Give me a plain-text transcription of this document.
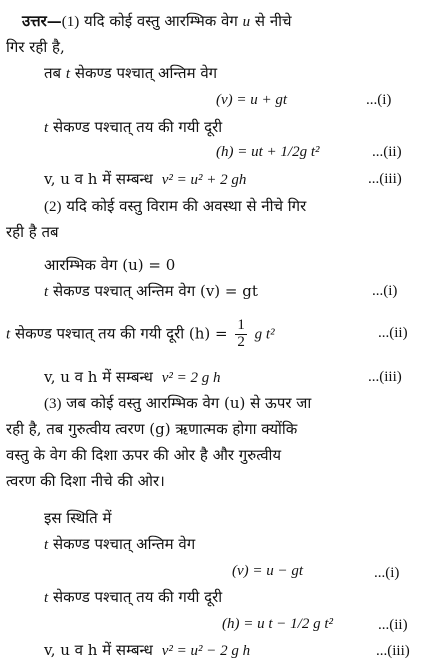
उत्तर—(1) यदि कोई वस्तु आरम्भिक वेग u से नीचे
गिर रही है,
तब t सेकण्ड पश्चात् अन्तिम वेग
(v) = u + gt	...(i)
t सेकण्ड पश्चात् तय की गयी दूरी
(h) = ut + 1/2g t²	...(ii)
v, u व h में सम्बन्ध v² = u² + 2 gh	...(iii)
(2) यदि कोई वस्तु विराम की अवस्था से नीचे गिर
रही है तब
आरम्भिक वेग (u) = 0
t सेकण्ड पश्चात् अन्तिम वेग (v) = gt	...(i)
t सेकण्ड पश्चात् तय की गयी दूरी $(h) = \frac{1}{2}$ g t²	...(ii)
v, u व h में सम्बन्ध v² = 2 g h	...(iii)
(3) जब कोई वस्तु आरम्भिक वेग (u) से ऊपर जा
रही है, तब गुरुत्वीय त्वरण (g) ऋणात्मक होगा क्योंकि
वस्तु के वेग की दिशा ऊपर की ओर है और गुरुत्वीय
त्वरण की दिशा नीचे की ओर।
इस स्थिति में
t सेकण्ड पश्चात् अन्तिम वेग
(v) = u − gt	...(i)
t सेकण्ड पश्चात् तय की गयी दूरी
(h) = u t − 1/2 g t²	...(ii)
v, u व h में सम्बन्ध v² = u² − 2 g h	...(iii)
